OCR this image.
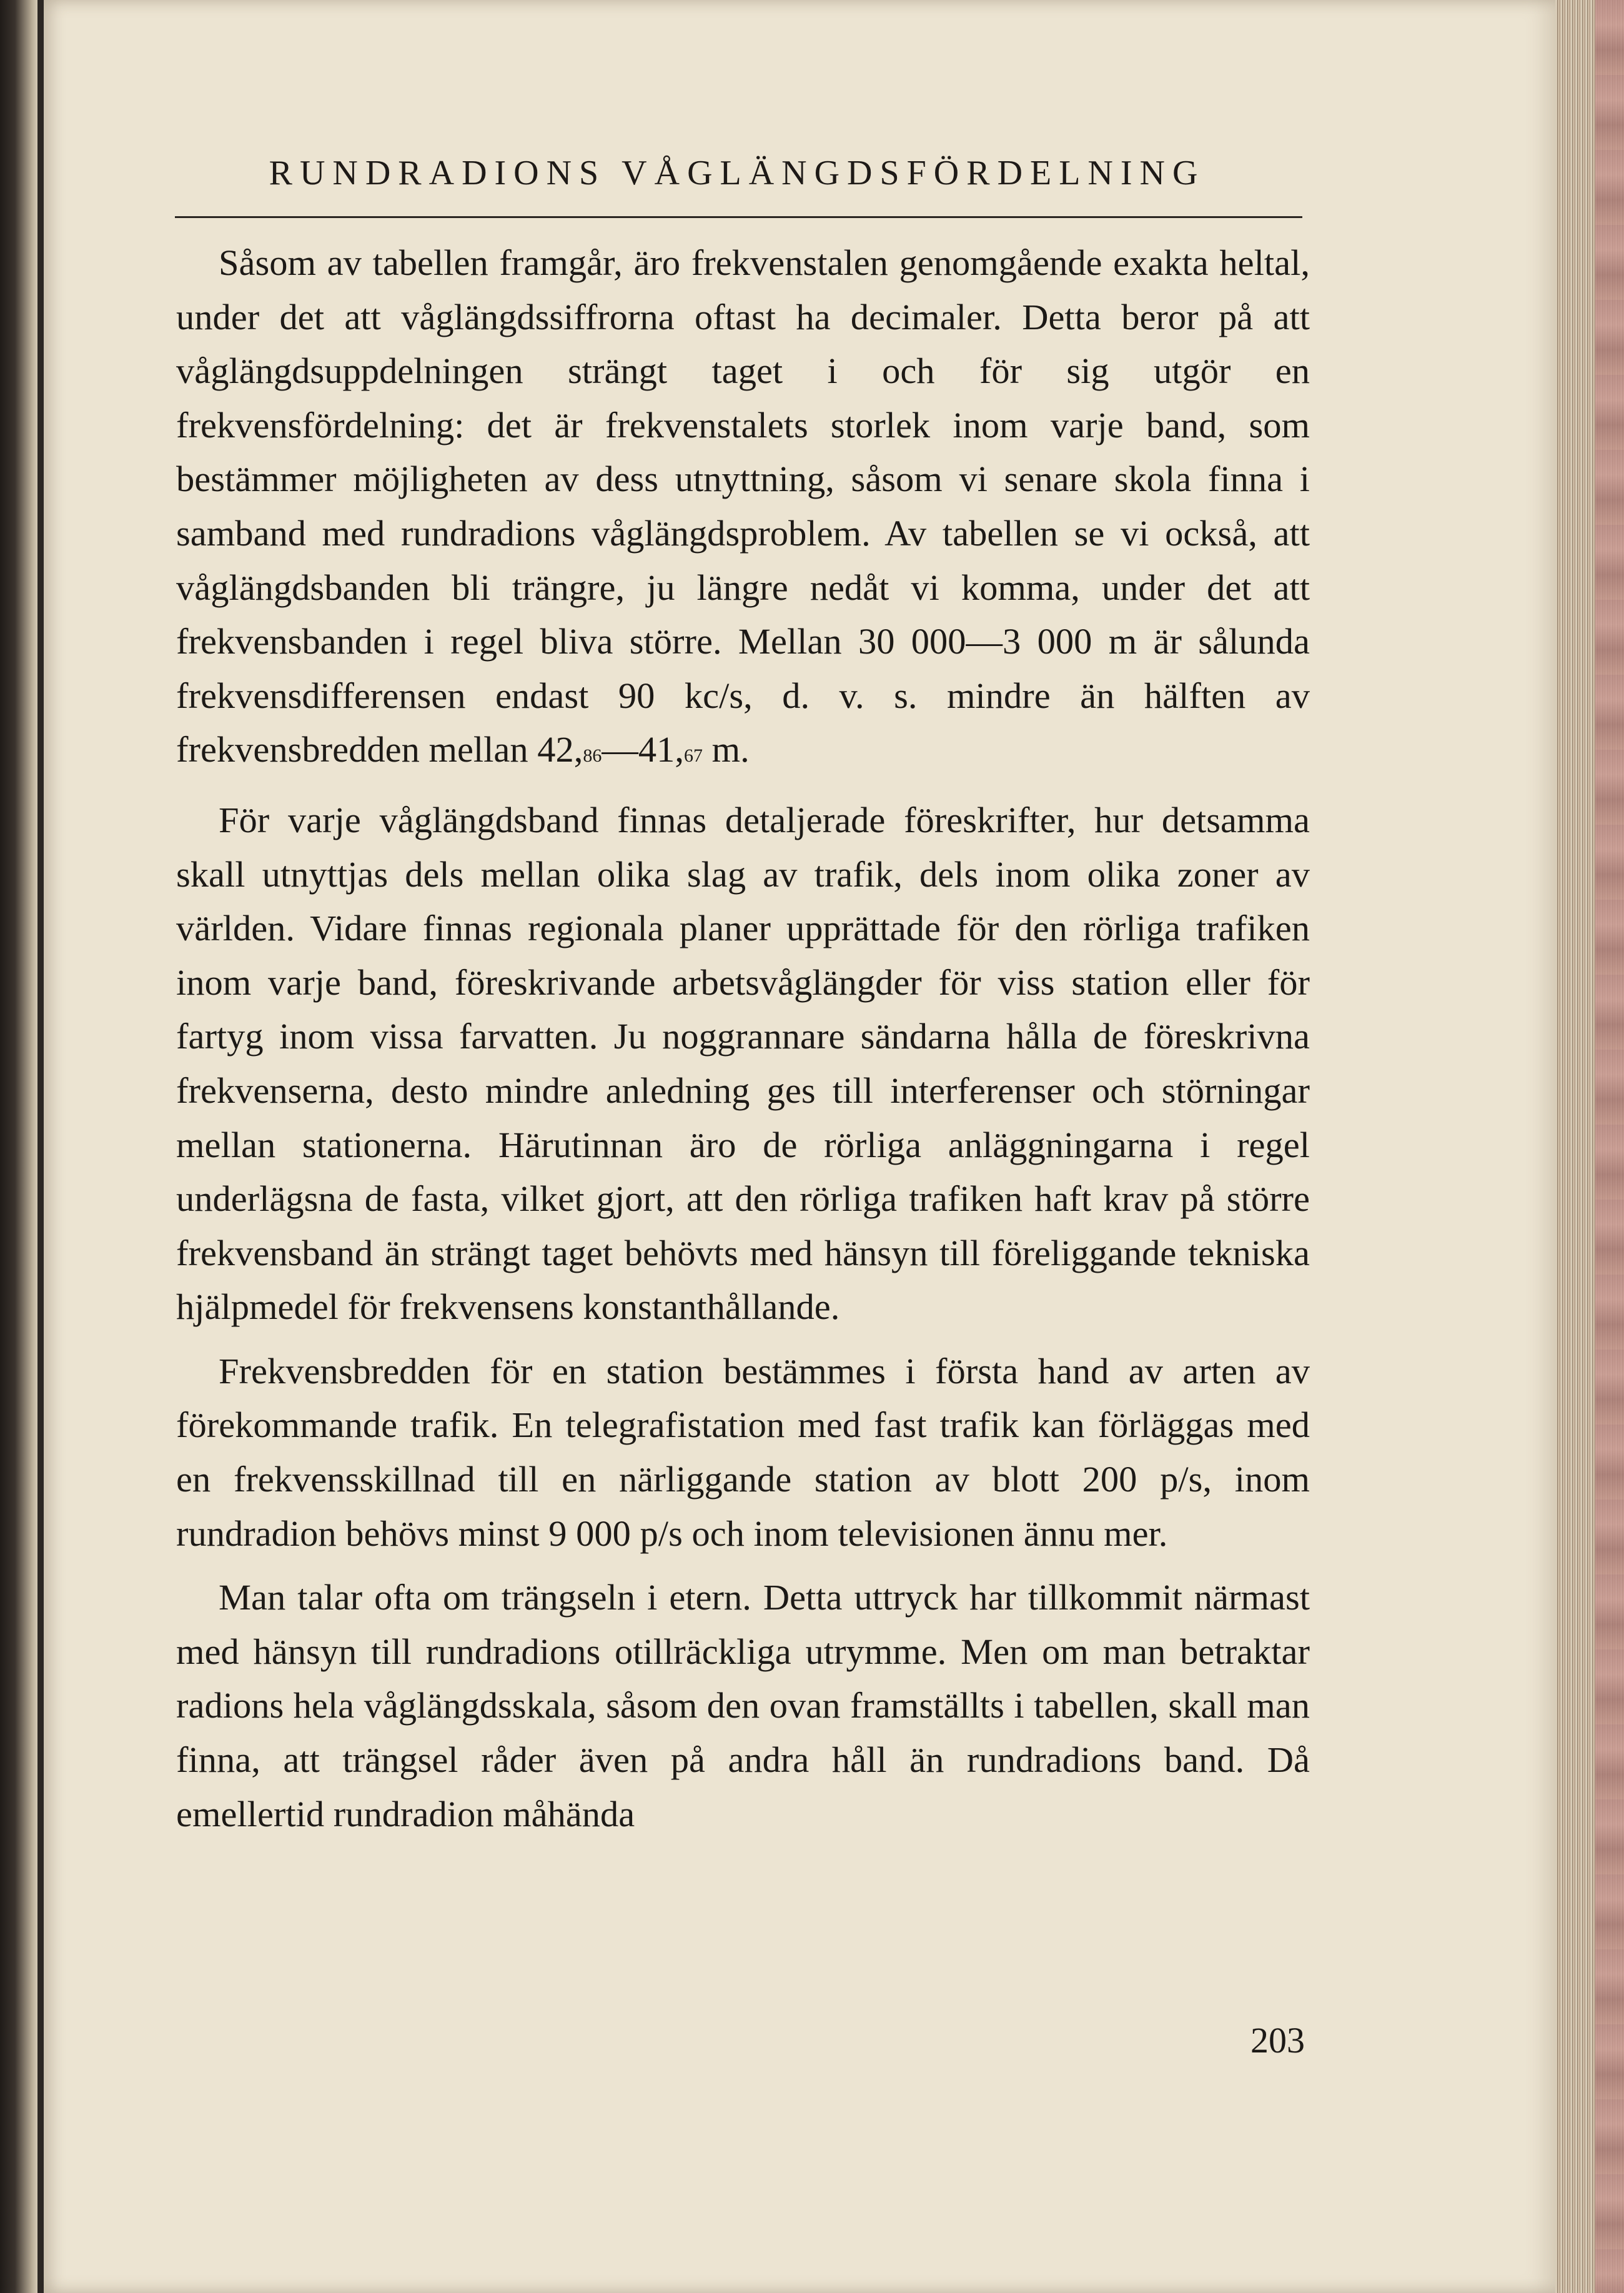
RUNDRADIONS VÅGLÄNGDSFÖRDELNING

Såsom av tabellen framgår, äro frekvenstalen genomgående exakta heltal, under det att våglängdssiffrorna oftast ha decimaler. Detta beror på att våglängdsuppdelningen strängt taget i och för sig utgör en frekvensfördelning: det är frekvenstalets storlek inom varje band, som bestämmer möjligheten av dess utnyttning, såsom vi senare skola finna i samband med rundradions våglängdsproblem. Av tabellen se vi också, att våglängdsbanden bli trängre, ju längre nedåt vi komma, under det att frekvensbanden i regel bliva större. Mellan 30 000—3 000 m är sålunda frekvensdifferensen endast 90 kc/s, d. v. s. mindre än hälften av frekvensbredden mellan 42,86—41,67 m.

För varje våglängdsband finnas detaljerade föreskrifter, hur detsamma skall utnyttjas dels mellan olika slag av trafik, dels inom olika zoner av världen. Vidare finnas regionala planer upprättade för den rörliga trafiken inom varje band, föreskrivande arbetsvåglängder för viss station eller för fartyg inom vissa farvatten. Ju noggrannare sändarna hålla de föreskrivna frekvenserna, desto mindre anledning ges till interferenser och störningar mellan stationerna. Härutinnan äro de rörliga anläggningarna i regel underlägsna de fasta, vilket gjort, att den rörliga trafiken haft krav på större frekvensband än strängt taget behövts med hänsyn till föreliggande tekniska hjälpmedel för frekvensens konstanthållande.

Frekvensbredden för en station bestämmes i första hand av arten av förekommande trafik. En telegrafistation med fast trafik kan förläggas med en frekvensskillnad till en närliggande station av blott 200 p/s, inom rundradion behövs minst 9 000 p/s och inom televisionen ännu mer.

Man talar ofta om trängseln i etern. Detta uttryck har tillkommit närmast med hänsyn till rundradions otillräckliga utrymme. Men om man betraktar radions hela våglängdsskala, såsom den ovan framställts i tabellen, skall man finna, att trängsel råder även på andra håll än rundradions band. Då emellertid rundradion måhända

203
